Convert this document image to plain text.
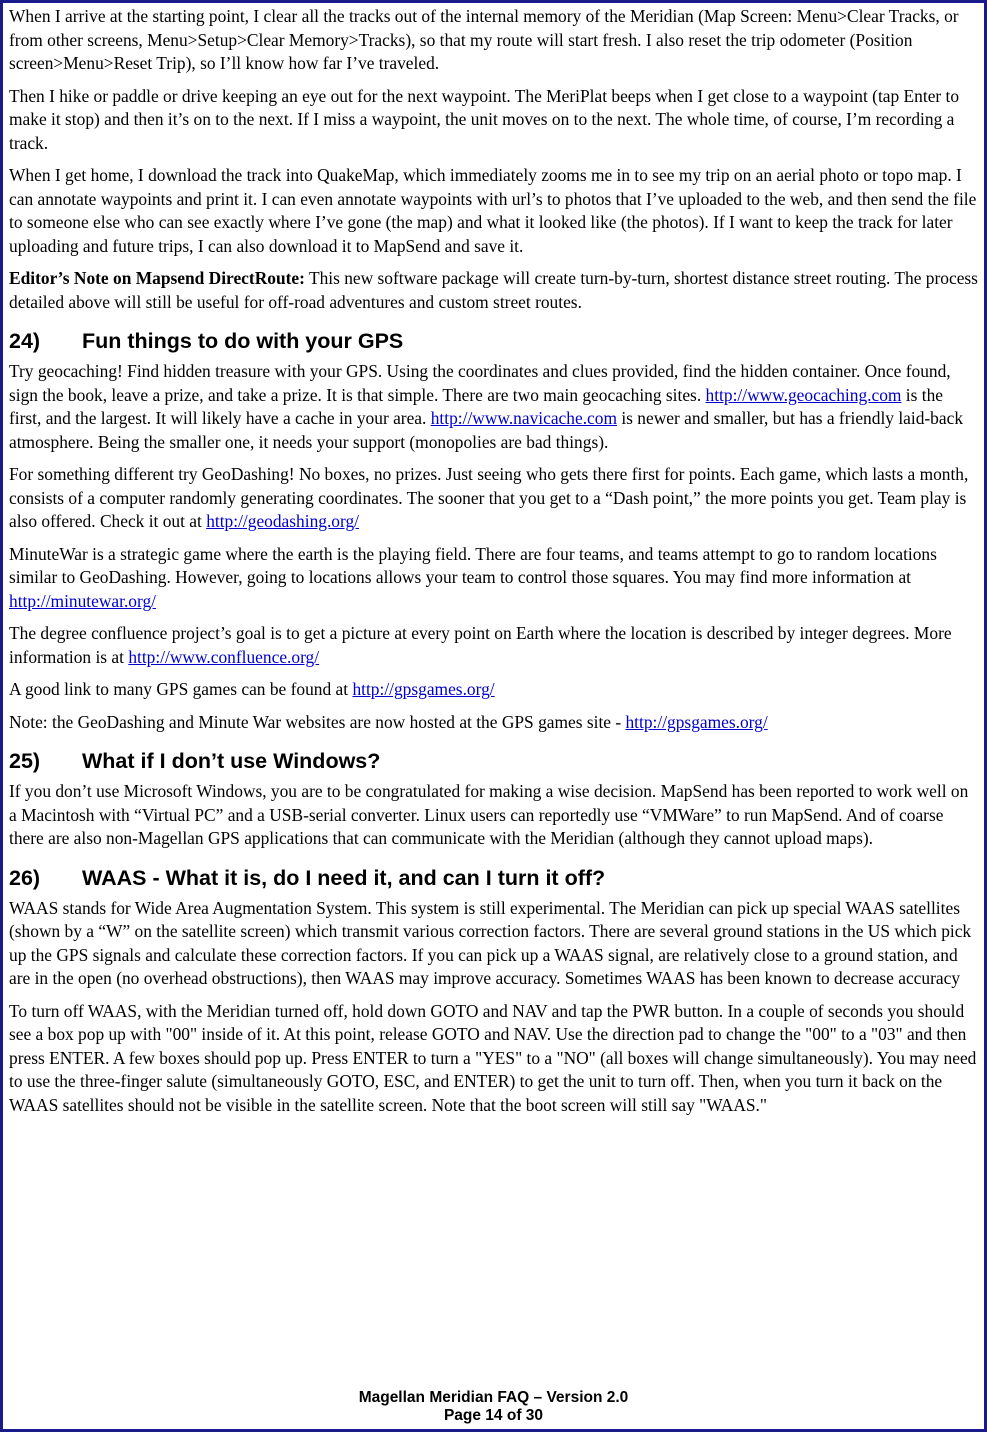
When I arrive at the starting point, I clear all the tracks out of the internal memory of the Meridian (Map Screen: Menu>Clear Tracks, or from other screens, Menu>Setup>Clear Memory>Tracks), so that my route will start fresh. I also reset the trip odometer (Position screen>Menu>Reset Trip), so I’ll know how far I’ve traveled.

Then I hike or paddle or drive keeping an eye out for the next waypoint. The MeriPlat beeps when I get close to a waypoint (tap Enter to make it stop) and then it’s on to the next. If I miss a waypoint, the unit moves on to the next. The whole time, of course, I’m recording a track.

When I get home, I download the track into QuakeMap, which immediately zooms me in to see my trip on an aerial photo or topo map. I can annotate waypoints and print it. I can even annotate waypoints with url’s to photos that I’ve uploaded to the web, and then send the file to someone else who can see exactly where I’ve gone (the map) and what it looked like (the photos). If I want to keep the track for later uploading and future trips, I can also download it to MapSend and save it.

Editor’s Note on Mapsend DirectRoute: This new software package will create turn-by-turn, shortest distance street routing. The process detailed above will still be useful for off-road adventures and custom street routes.

24) Fun things to do with your GPS

Try geocaching! Find hidden treasure with your GPS. Using the coordinates and clues provided, find the hidden container. Once found, sign the book, leave a prize, and take a prize. It is that simple. There are two main geocaching sites. http://www.geocaching.com is the first, and the largest. It will likely have a cache in your area. http://www.navicache.com is newer and smaller, but has a friendly laid-back atmosphere. Being the smaller one, it needs your support (monopolies are bad things).

For something different try GeoDashing! No boxes, no prizes. Just seeing who gets there first for points. Each game, which lasts a month, consists of a computer randomly generating coordinates. The sooner that you get to a “Dash point,” the more points you get. Team play is also offered. Check it out at http://geodashing.org/

MinuteWar is a strategic game where the earth is the playing field. There are four teams, and teams attempt to go to random locations similar to GeoDashing. However, going to locations allows your team to control those squares. You may find more information at http://minutewar.org/

The degree confluence project’s goal is to get a picture at every point on Earth where the location is described by integer degrees. More information is at http://www.confluence.org/

A good link to many GPS games can be found at http://gpsgames.org/

Note: the GeoDashing and Minute War websites are now hosted at the GPS games site - http://gpsgames.org/

25) What if I don’t use Windows?

If you don’t use Microsoft Windows, you are to be congratulated for making a wise decision. MapSend has been reported to work well on a Macintosh with “Virtual PC” and a USB-serial converter. Linux users can reportedly use “VMWare” to run MapSend. And of coarse there are also non-Magellan GPS applications that can communicate with the Meridian (although they cannot upload maps).

26) WAAS - What it is, do I need it, and can I turn it off?

WAAS stands for Wide Area Augmentation System. This system is still experimental. The Meridian can pick up special WAAS satellites (shown by a “W” on the satellite screen) which transmit various correction factors. There are several ground stations in the US which pick up the GPS signals and calculate these correction factors. If you can pick up a WAAS signal, are relatively close to a ground station, and are in the open (no overhead obstructions), then WAAS may improve accuracy. Sometimes WAAS has been known to decrease accuracy

To turn off WAAS, with the Meridian turned off, hold down GOTO and NAV and tap the PWR button. In a couple of seconds you should see a box pop up with "00" inside of it. At this point, release GOTO and NAV. Use the direction pad to change the "00" to a "03" and then press ENTER. A few boxes should pop up. Press ENTER to turn a "YES" to a "NO" (all boxes will change simultaneously). You may need to use the three-finger salute (simultaneously GOTO, ESC, and ENTER) to get the unit to turn off. Then, when you turn it back on the WAAS satellites should not be visible in the satellite screen. Note that the boot screen will still say "WAAS."

Magellan Meridian FAQ – Version 2.0
Page 14 of 30
